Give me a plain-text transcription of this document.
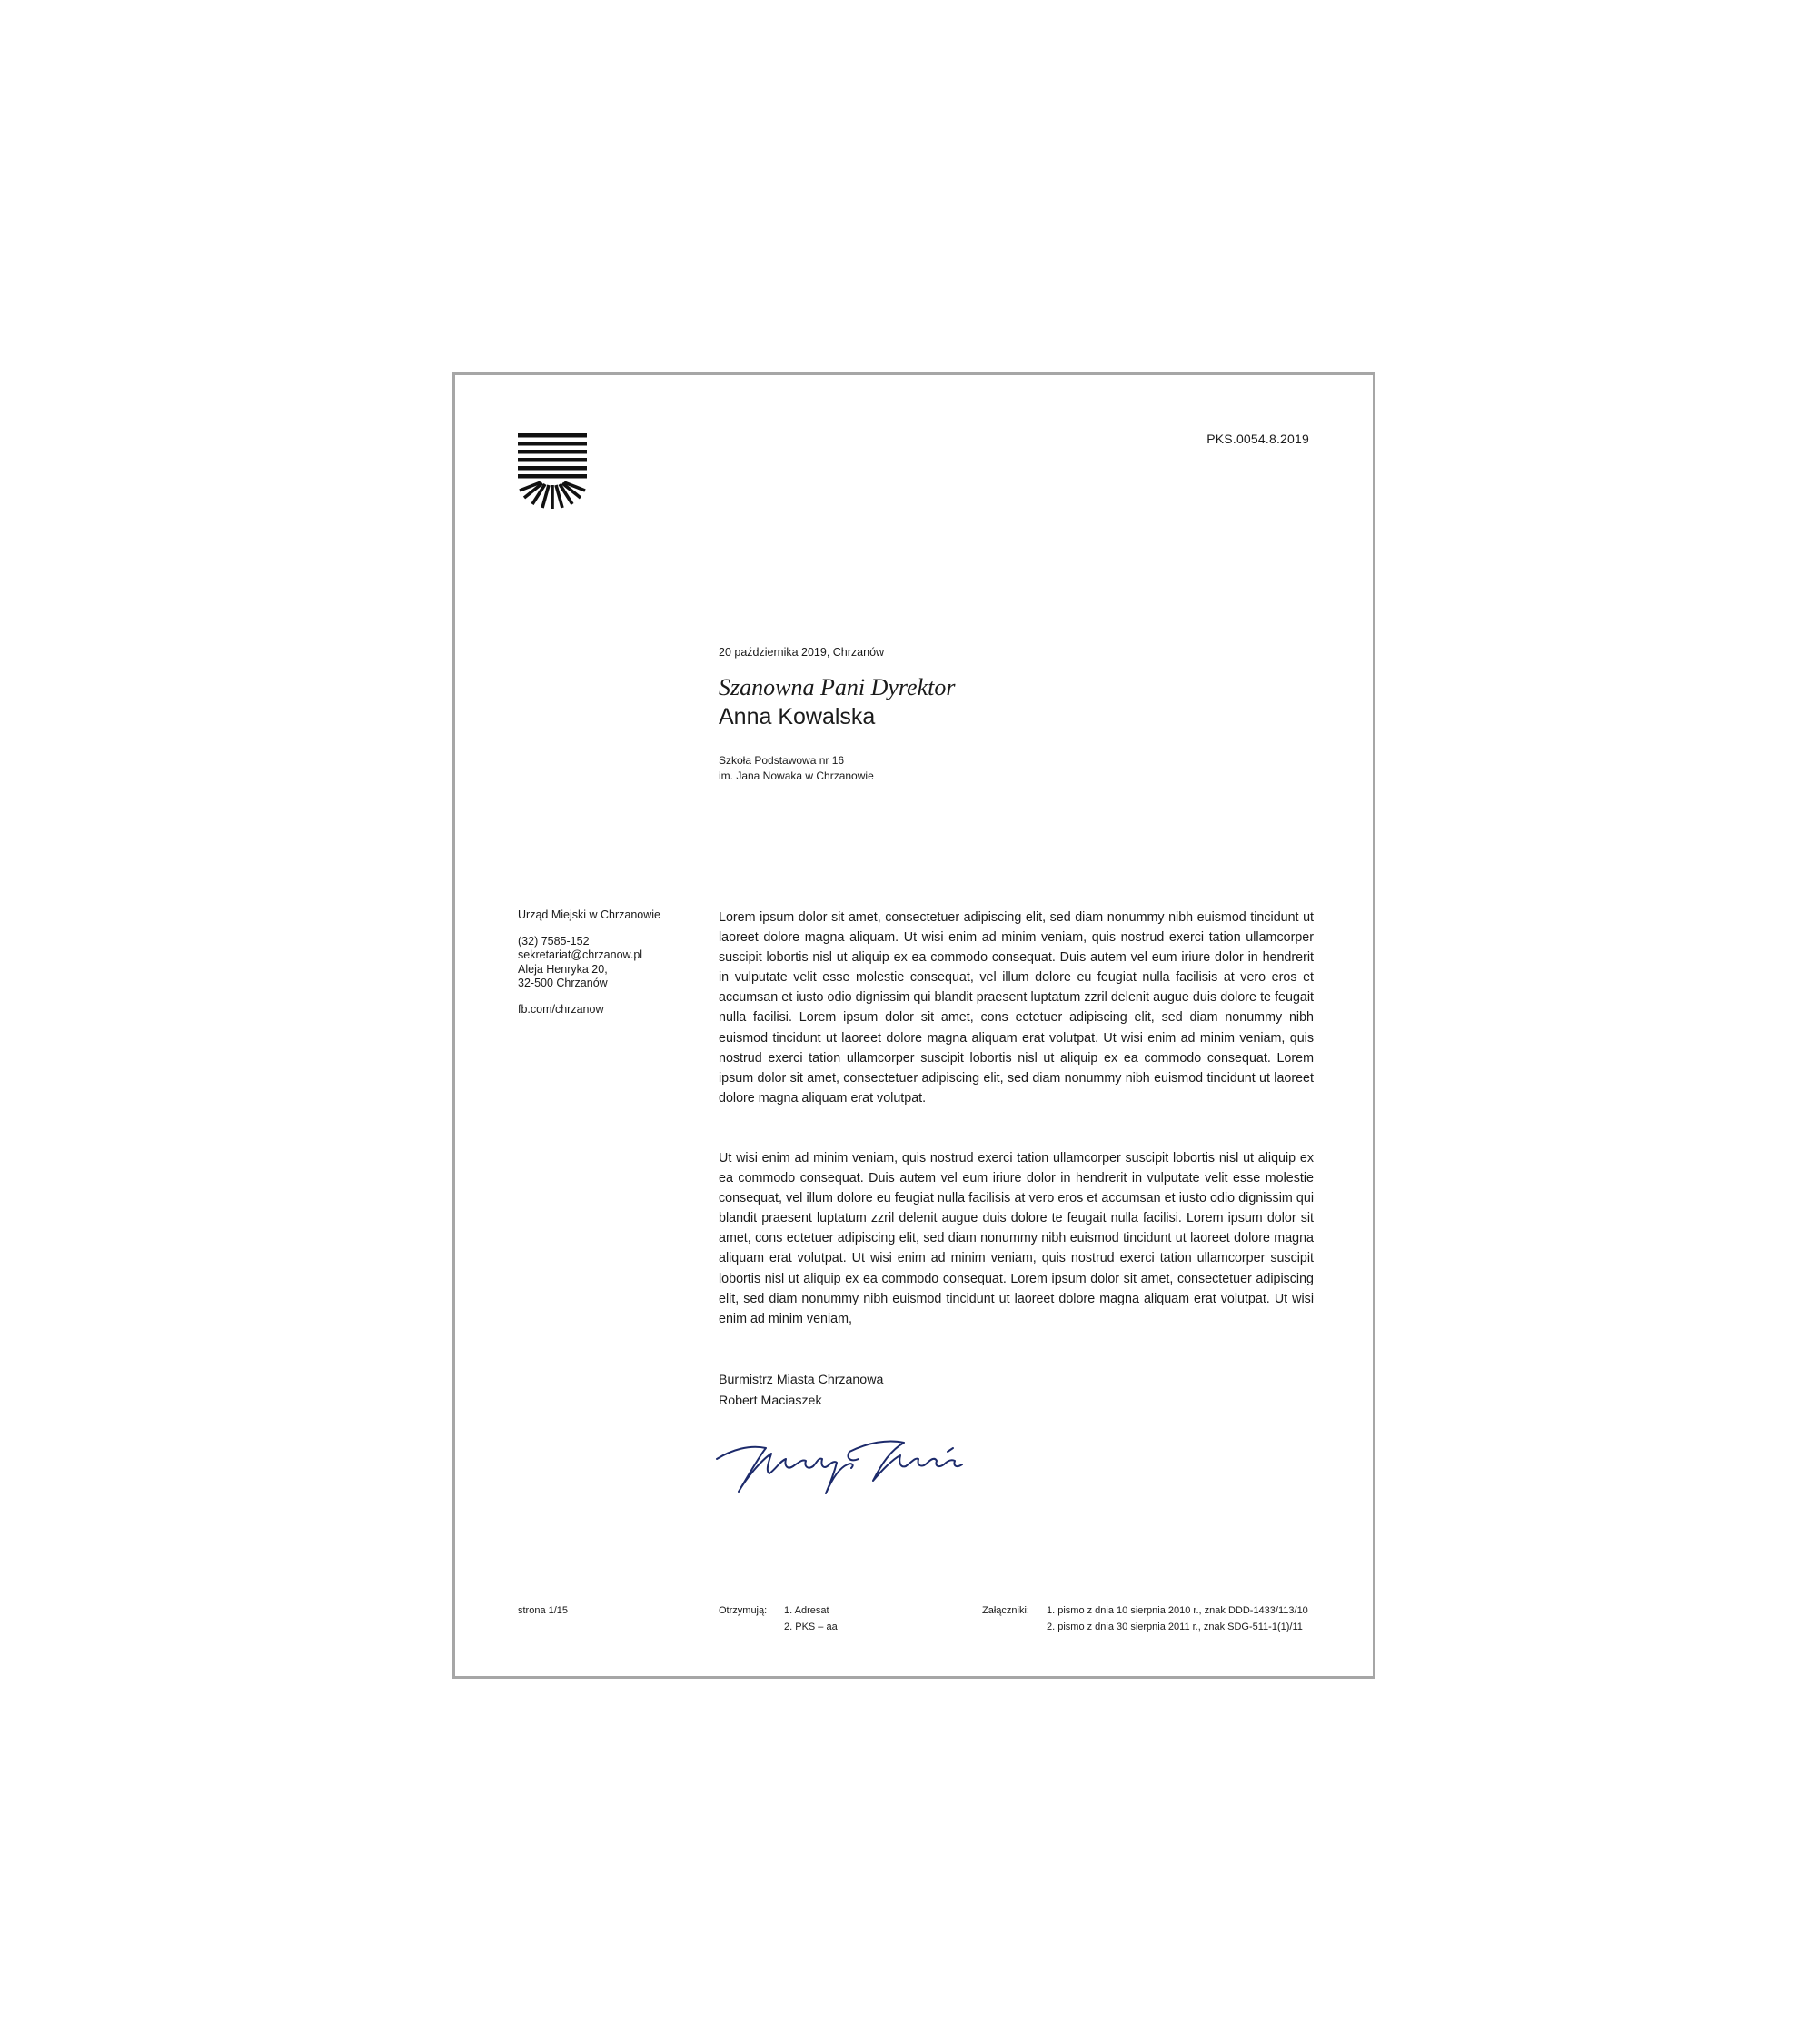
PKS.0054.8.2019
20 października 2019, Chrzanów
Szanowna Pani Dyrektor
Anna Kowalska
Szkoła Podstawowa nr 16
im. Jana Nowaka w Chrzanowie
Urząd Miejski w Chrzanowie
(32) 7585-152
sekretariat@chrzanow.pl
Aleja Henryka 20,
32-500 Chrzanów
fb.com/chrzanow

Lorem ipsum dolor sit amet, consectetuer adipiscing elit, sed diam nonummy nibh euismod tincidunt ut laoreet dolore magna aliquam. Ut wisi enim ad minim veniam, quis nostrud exerci tation ullamcorper suscipit lobortis nisl ut aliquip ex ea commodo consequat. Duis autem vel eum iriure dolor in hendrerit in vulputate velit esse molestie consequat, vel illum dolore eu feugiat nulla facilisis at vero eros et accumsan et iusto odio dignissim qui blandit praesent luptatum zzril delenit augue duis dolore te feugait nulla facilisi. Lorem ipsum dolor sit amet, cons ectetuer adipiscing elit, sed diam nonummy nibh euismod tincidunt ut laoreet dolore magna aliquam erat volutpat. Ut wisi enim ad minim veniam, quis nostrud exerci tation ullamcorper suscipit lobortis nisl ut aliquip ex ea commodo consequat. Lorem ipsum dolor sit amet, consectetuer adipiscing elit, sed diam nonummy nibh euismod tincidunt ut laoreet dolore magna aliquam erat volutpat.

Ut wisi enim ad minim veniam, quis nostrud exerci tation ullamcorper suscipit lobortis nisl ut aliquip ex ea commodo consequat. Duis autem vel eum iriure dolor in hendrerit in vulputate velit esse molestie consequat, vel illum dolore eu feugiat nulla facilisis at vero eros et accumsan et iusto odio dignissim qui blandit praesent luptatum zzril delenit augue duis dolore te feugait nulla facilisi. Lorem ipsum dolor sit amet, cons ectetuer adipiscing elit, sed diam nonummy nibh euismod tincidunt ut laoreet dolore magna aliquam erat volutpat. Ut wisi enim ad minim veniam, quis nostrud exerci tation ullamcorper suscipit lobortis nisl ut aliquip ex ea commodo consequat. Lorem ipsum dolor sit amet, consectetuer adipiscing elit, sed diam nonummy nibh euismod tincidunt ut laoreet dolore magna aliquam erat volutpat. Ut wisi enim ad minim veniam,

Burmistrz Miasta Chrzanowa
Robert Maciaszek
strona 1/15	Otrzymują: 1. Adresat
2. PKS – aa
Załączniki: 1. pismo z dnia 10 sierpnia 2010 r., znak DDD-1433/113/10
2. pismo z dnia 30 sierpnia 2011 r., znak SDG-511-1(1)/11
